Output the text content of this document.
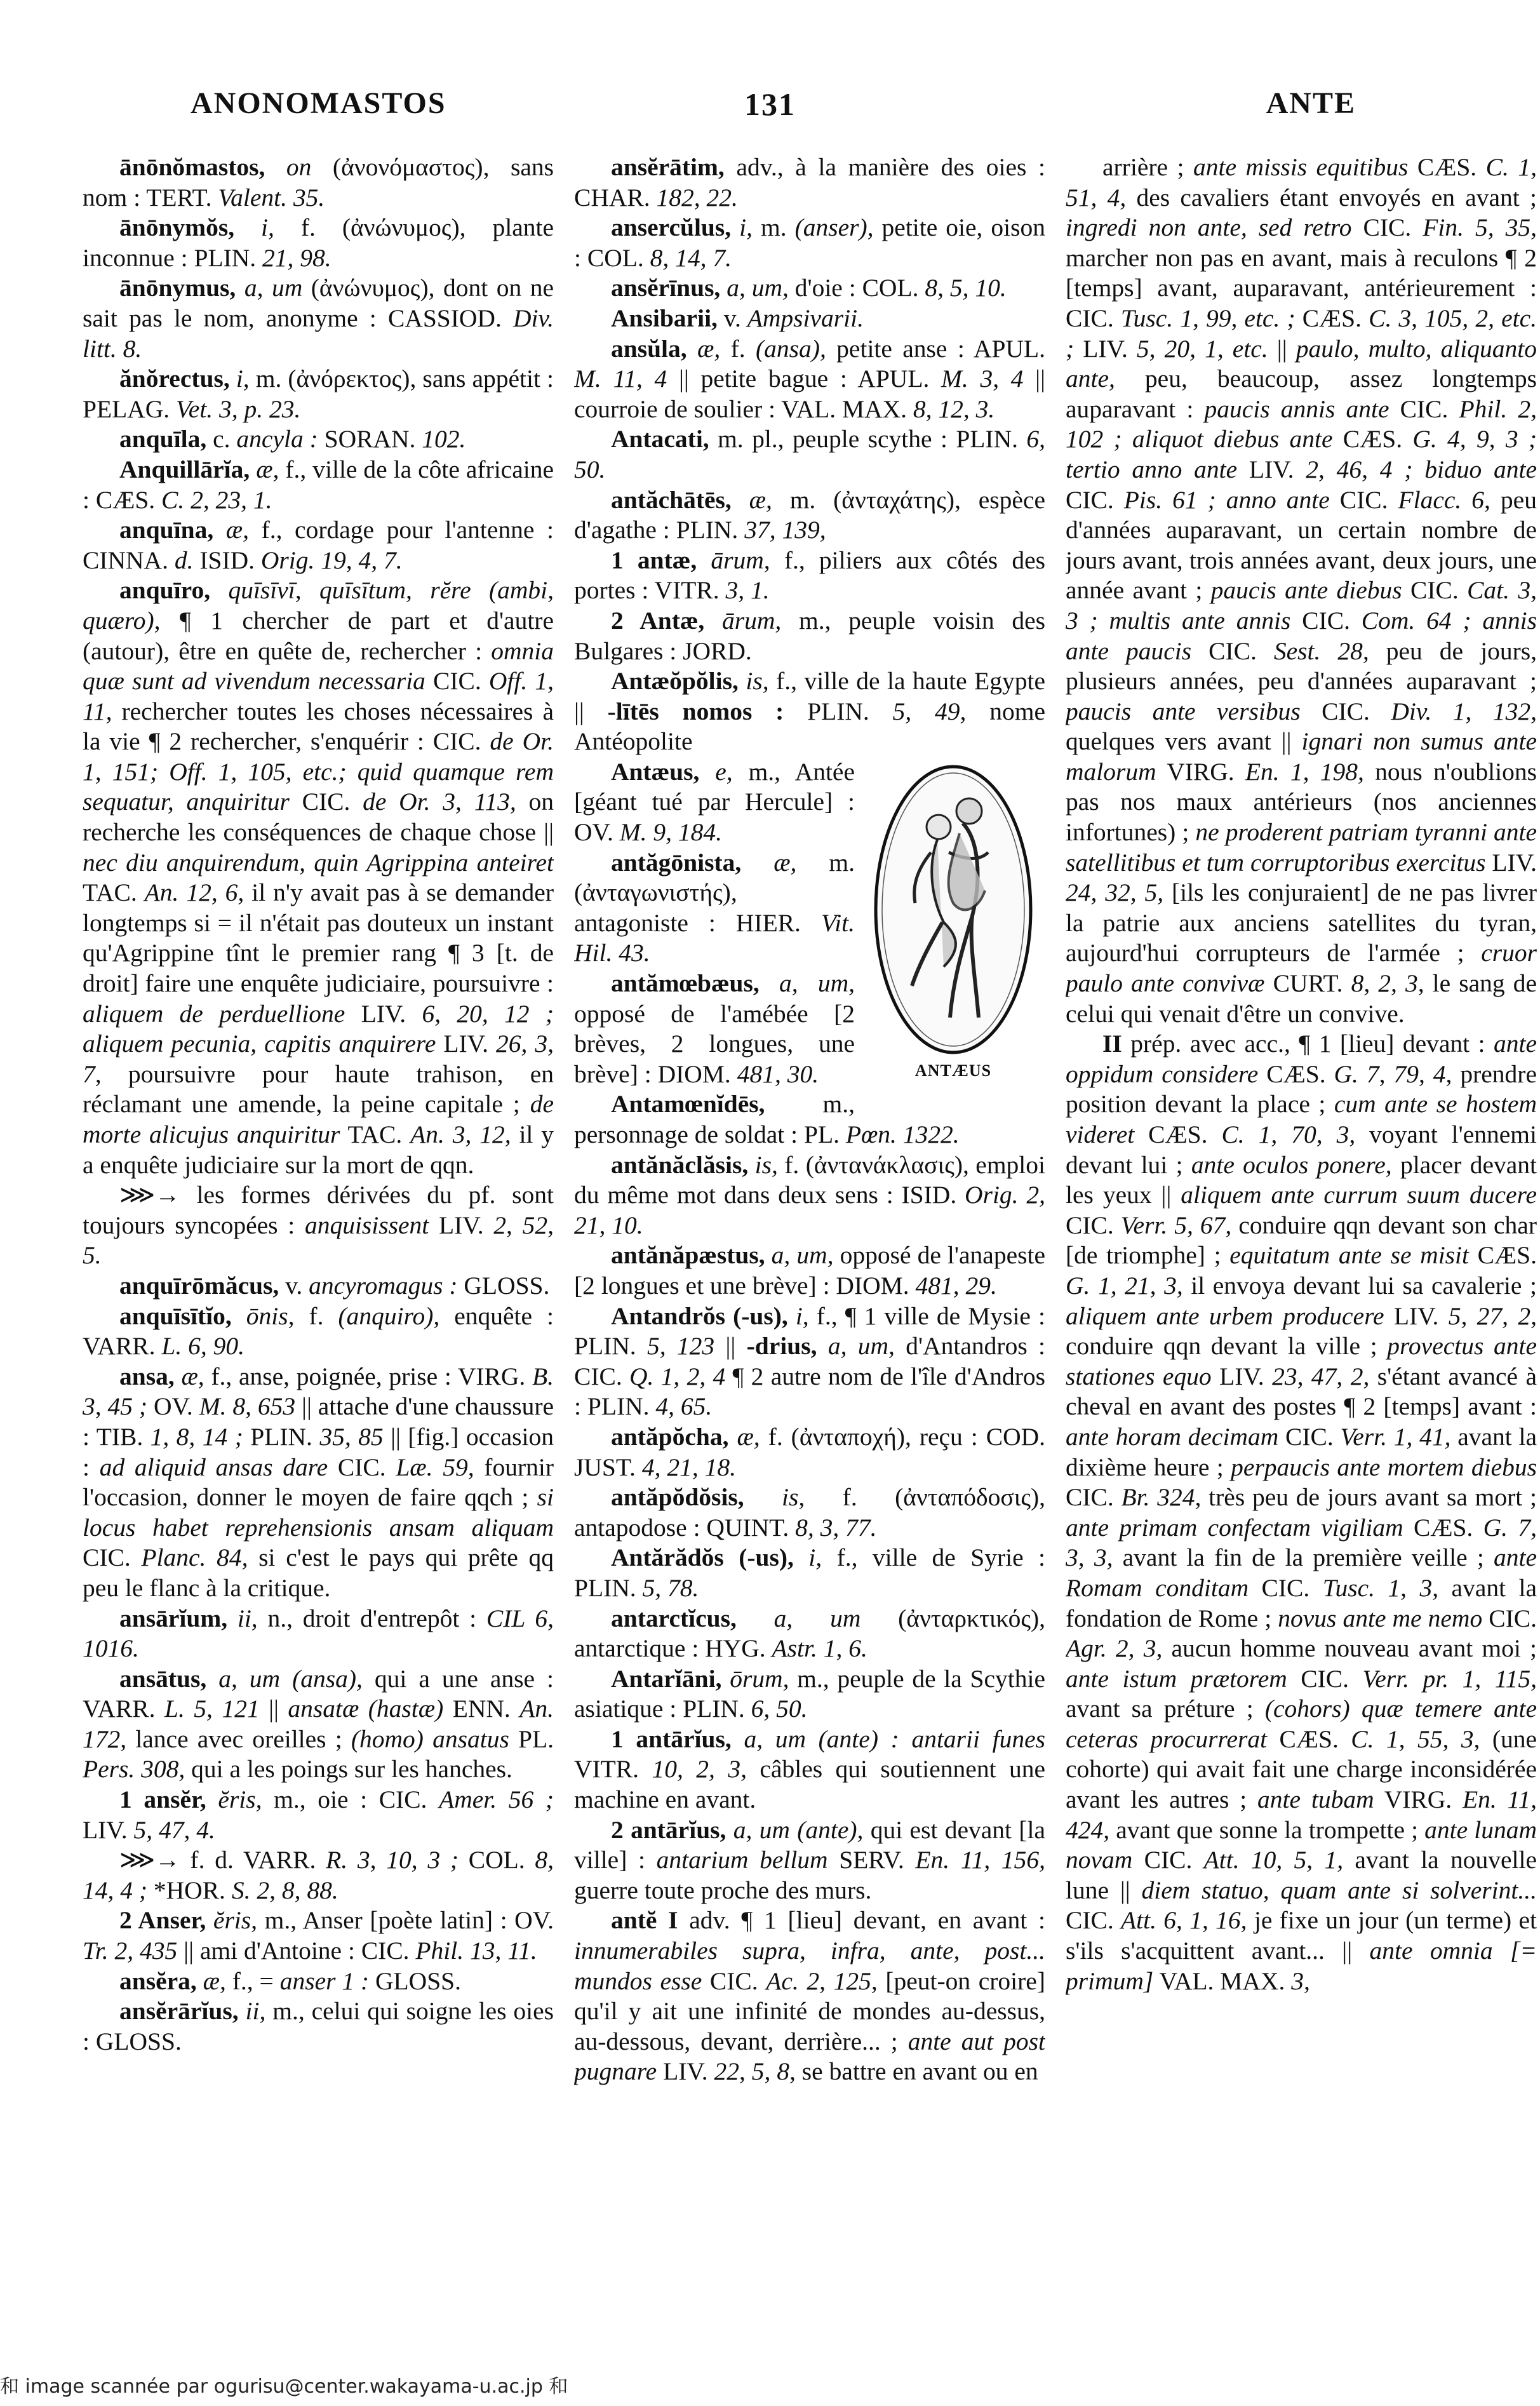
ANONOMASTOS	131	ANTE

ānōnŏmastos, on (ἀνονόμαστος), sans nom : TERT. Valent. 35.

ānōnymŏs, i, f. (ἀνώνυμος), plante inconnue : PLIN. 21, 98.

ānōnymus, a, um (ἀνώνυμος), dont on ne sait pas le nom, anonyme : CASSIOD. Div. litt. 8.

ănŏrectus, i, m. (ἀνόρεκτος), sans appétit : PELAG. Vet. 3, p. 23.

anquīla, c. ancyla : SORAN. 102.

Anquillārĭa, æ, f., ville de la côte africaine : CÆS. C. 2, 23, 1.

anquīna, æ, f., cordage pour l'antenne : CINNA. d. ISID. Orig. 19, 4, 7.

anquīro, quīsīvī, quīsītum, rĕre (ambi, quæro), ¶ 1 chercher de part et d'autre (autour), être en quête de, rechercher : omnia quæ sunt ad vivendum necessaria CIC. Off. 1, 11, rechercher toutes les choses nécessaires à la vie ¶ 2 rechercher, s'enquérir : CIC. de Or. 1, 151; Off. 1, 105, etc.; quid quamque rem sequatur, anquiritur CIC. de Or. 3, 113, on recherche les conséquences de chaque chose || nec diu anquirendum, quin Agrippina anteiret TAC. An. 12, 6, il n'y avait pas à se demander longtemps si = il n'était pas douteux un instant qu'Agrippine tînt le premier rang ¶ 3 [t. de droit] faire une enquête judiciaire, poursuivre : aliquem de perduellione LIV. 6, 20, 12 ; aliquem pecunia, capitis anquirere LIV. 26, 3, 7, poursuivre pour haute trahison, en réclamant une amende, la peine capitale ; de morte alicujus anquiritur TAC. An. 3, 12, il y a enquête judiciaire sur la mort de qqn.

⋙→ les formes dérivées du pf. sont toujours syncopées : anquisissent LIV. 2, 52, 5.

anquīrōmăcus, v. ancyromagus : GLOSS.

anquīsītĭo, ōnis, f. (anquiro), enquête : VARR. L. 6, 90.

ansa, æ, f., anse, poignée, prise : VIRG. B. 3, 45 ; OV. M. 8, 653 || attache d'une chaussure : TIB. 1, 8, 14 ; PLIN. 35, 85 || [fig.] occasion : ad aliquid ansas dare CIC. Læ. 59, fournir l'occasion, donner le moyen de faire qqch ; si locus habet reprehensionis ansam aliquam CIC. Planc. 84, si c'est le pays qui prête qq peu le flanc à la critique.

ansārĭum, ii, n., droit d'entrepôt : CIL 6, 1016.

ansātus, a, um (ansa), qui a une anse : VARR. L. 5, 121 || ansatæ (hastæ) ENN. An. 172, lance avec oreilles ; (homo) ansatus PL. Pers. 308, qui a les poings sur les hanches.

1 ansĕr, ĕris, m., oie : CIC. Amer. 56 ; LIV. 5, 47, 4.

⋙→ f. d. VARR. R. 3, 10, 3 ; COL. 8, 14, 4 ; *HOR. S. 2, 8, 88.

2 Anser, ĕris, m., Anser [poète latin] : OV. Tr. 2, 435 || ami d'Antoine : CIC. Phil. 13, 11.

ansĕra, æ, f., = anser 1 : GLOSS.

ansĕrārĭus, ii, m., celui qui soigne les oies : GLOSS.

ansĕrātim, adv., à la manière des oies : CHAR. 182, 22.

ansercŭlus, i, m. (anser), petite oie, oison : COL. 8, 14, 7.

ansĕrīnus, a, um, d'oie : COL. 8, 5, 10.

Ansibarii, v. Ampsivarii.

ansŭla, æ, f. (ansa), petite anse : APUL. M. 11, 4 || petite bague : APUL. M. 3, 4 || courroie de soulier : VAL. MAX. 8, 12, 3.

Antacati, m. pl., peuple scythe : PLIN. 6, 50.

antăchātēs, æ, m. (ἀνταχάτης), espèce d'agathe : PLIN. 37, 139,

1 antæ, ārum, f., piliers aux côtés des portes : VITR. 3, 1.

2 Antæ, ārum, m., peuple voisin des Bulgares : JORD.

Antæŏpŏlis, is, f., ville de la haute Egypte || -lītēs nomos : PLIN. 5, 49, nome Antéopolite

ANTÆUS

Antæus, e, m., Antée [géant tué par Hercule] : OV. M. 9, 184.

antăgōnista, æ, m. (ἀνταγωνιστής), antagoniste : HIER. Vit. Hil. 43.

antămœbæus, a, um, opposé de l'amébée [2 brèves, 2 longues, une brève] : DIOM. 481, 30.

Antamœnĭdēs, m., personnage de soldat : PL. Pœn. 1322.

antănăclăsis, is, f. (ἀντανάκλασις), emploi du même mot dans deux sens : ISID. Orig. 2, 21, 10.

antănăpæstus, a, um, opposé de l'anapeste [2 longues et une brève] : DIOM. 481, 29.

Antandrŏs (-us), i, f., ¶ 1 ville de Mysie : PLIN. 5, 123 || -drius, a, um, d'Antandros : CIC. Q. 1, 2, 4 ¶ 2 autre nom de l'île d'Andros : PLIN. 4, 65.

antăpŏcha, æ, f. (ἀνταποχή), reçu : COD. JUST. 4, 21, 18.

antăpŏdŏsis, is, f. (ἀνταπόδοσις), antapodose : QUINT. 8, 3, 77.

Antărădŏs (-us), i, f., ville de Syrie : PLIN. 5, 78.

antarctĭcus, a, um (ἀνταρκτικός), antarctique : HYG. Astr. 1, 6.

Antarĭāni, ōrum, m., peuple de la Scythie asiatique : PLIN. 6, 50.

1 antārĭus, a, um (ante) : antarii funes VITR. 10, 2, 3, câbles qui soutiennent une machine en avant.

2 antārĭus, a, um (ante), qui est devant [la ville] : antarium bellum SERV. En. 11, 156, guerre toute proche des murs.

antĕ I adv. ¶ 1 [lieu] devant, en avant : innumerabiles supra, infra, ante, post... mundos esse CIC. Ac. 2, 125, [peut-on croire] qu'il y ait une infinité de mondes au-dessus, au-dessous, devant, derrière... ; ante aut post pugnare LIV. 22, 5, 8, se battre en avant ou en

arrière ; ante missis equitibus CÆS. C. 1, 51, 4, des cavaliers étant envoyés en avant ; ingredi non ante, sed retro CIC. Fin. 5, 35, marcher non pas en avant, mais à reculons ¶ 2 [temps] avant, auparavant, antérieurement : CIC. Tusc. 1, 99, etc. ; CÆS. C. 3, 105, 2, etc. ; LIV. 5, 20, 1, etc. || paulo, multo, aliquanto ante, peu, beaucoup, assez longtemps auparavant : paucis annis ante CIC. Phil. 2, 102 ; aliquot diebus ante CÆS. G. 4, 9, 3 ; tertio anno ante LIV. 2, 46, 4 ; biduo ante CIC. Pis. 61 ; anno ante CIC. Flacc. 6, peu d'années auparavant, un certain nombre de jours avant, trois années avant, deux jours, une année avant ; paucis ante diebus CIC. Cat. 3, 3 ; multis ante annis CIC. Com. 64 ; annis ante paucis CIC. Sest. 28, peu de jours, plusieurs années, peu d'années auparavant ; paucis ante versibus CIC. Div. 1, 132, quelques vers avant || ignari non sumus ante malorum VIRG. En. 1, 198, nous n'oublions pas nos maux antérieurs (nos anciennes infortunes) ; ne proderent patriam tyranni ante satellitibus et tum corruptoribus exercitus LIV. 24, 32, 5, [ils les conjuraient] de ne pas livrer la patrie aux anciens satellites du tyran, aujourd'hui corrupteurs de l'armée ; cruor paulo ante convivæ CURT. 8, 2, 3, le sang de celui qui venait d'être un convive.

II prép. avec acc., ¶ 1 [lieu] devant : ante oppidum considere CÆS. G. 7, 79, 4, prendre position devant la place ; cum ante se hostem videret CÆS. C. 1, 70, 3, voyant l'ennemi devant lui ; ante oculos ponere, placer devant les yeux || aliquem ante currum suum ducere CIC. Verr. 5, 67, conduire qqn devant son char [de triomphe] ; equitatum ante se misit CÆS. G. 1, 21, 3, il envoya devant lui sa cavalerie ; aliquem ante urbem producere LIV. 5, 27, 2, conduire qqn devant la ville ; provectus ante stationes equo LIV. 23, 47, 2, s'étant avancé à cheval en avant des postes ¶ 2 [temps] avant : ante horam decimam CIC. Verr. 1, 41, avant la dixième heure ; perpaucis ante mortem diebus CIC. Br. 324, très peu de jours avant sa mort ; ante primam confectam vigiliam CÆS. G. 7, 3, 3, avant la fin de la première veille ; ante Romam conditam CIC. Tusc. 1, 3, avant la fondation de Rome ; novus ante me nemo CIC. Agr. 2, 3, aucun homme nouveau avant moi ; ante istum prætorem CIC. Verr. pr. 1, 115, avant sa préture ; (cohors) quæ temere ante ceteras procurrerat CÆS. C. 1, 55, 3, (une cohorte) qui avait fait une charge inconsidérée avant les autres ; ante tubam VIRG. En. 11, 424, avant que sonne la trompette ; ante lunam novam CIC. Att. 10, 5, 1, avant la nouvelle lune || diem statuo, quam ante si solverint... CIC. Att. 6, 1, 16, je fixe un jour (un terme) et s'ils s'acquittent avant... || ante omnia [= primum] VAL. MAX. 3,

和 image scannée par ogurisu@center.wakayama-u.ac.jp 和
